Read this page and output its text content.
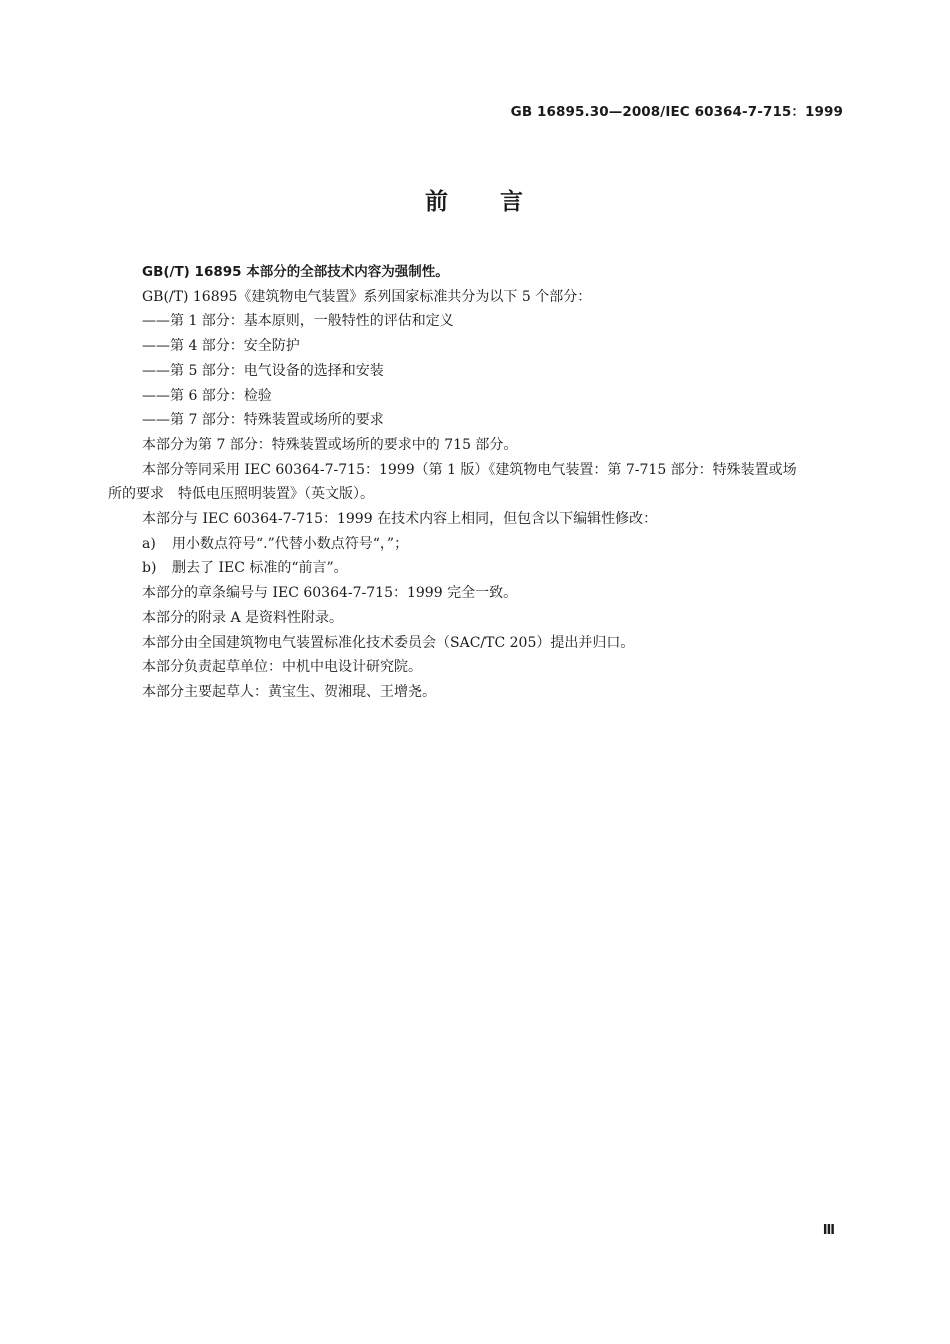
GB 16895.30—2008/IEC 60364-7-715：1999
前 言
GB(/T) 16895 本部分的全部技术内容为强制性。
GB(/T) 16895《建筑物电气装置》系列国家标准共分为以下 5 个部分：
——第 1 部分：基本原则，一般特性的评估和定义
——第 4 部分：安全防护
——第 5 部分：电气设备的选择和安装
——第 6 部分：检验
——第 7 部分：特殊装置或场所的要求
本部分为第 7 部分：特殊装置或场所的要求中的 715 部分。
本部分等同采用 IEC 60364-7-715：1999（第 1 版）《建筑物电气装置：第 7-715 部分：特殊装置或场
所的要求　特低电压照明装置》（英文版）。
本部分与 IEC 60364-7-715：1999 在技术内容上相同，但包含以下编辑性修改：
a) 用小数点符号“.”代替小数点符号“，”；
b) 删去了 IEC 标准的“前言”。
本部分的章条编号与 IEC 60364-7-715：1999 完全一致。
本部分的附录 A 是资料性附录。
本部分由全国建筑物电气装置标准化技术委员会（SAC/TC 205）提出并归口。
本部分负责起草单位：中机中电设计研究院。
本部分主要起草人：黄宝生、贺湘琨、王增尧。
Ⅲ
